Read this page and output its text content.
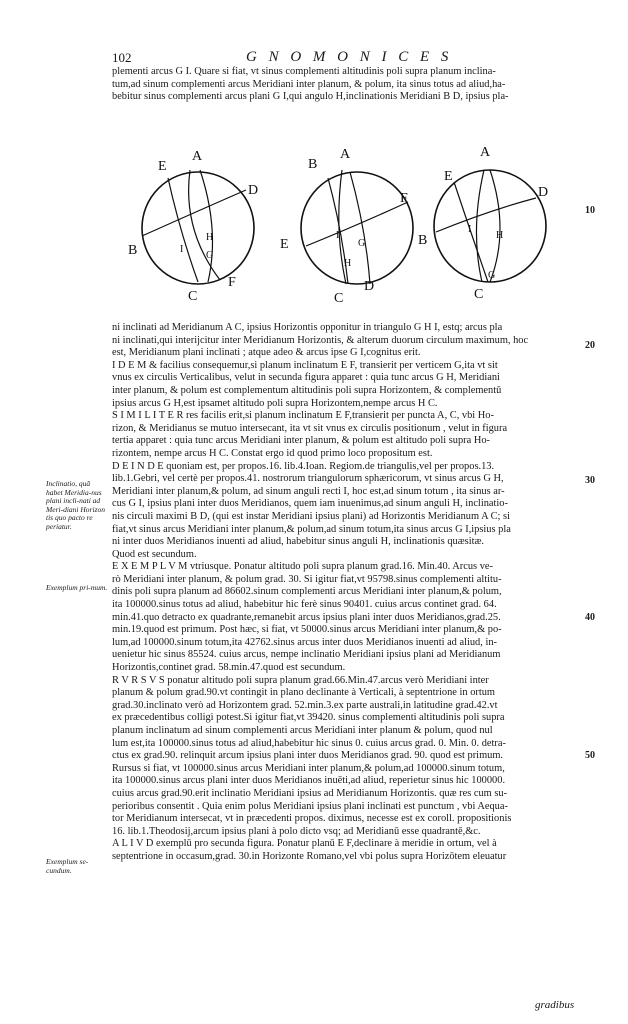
102	G N O M O N I C E S

plementi arcus G I. Quare si fiat, vt sinus complementi altitudinis poli supra planum inclina-

tum,ad sinum complementi arcus Meridiani inter planum, & polum, ita sinus totus ad aliud,ha-

bebitur sinus complementi arcus plani G I,qui angulo H,inclinationis Meridiani B D, ipsius pla-

E
A
D
B	I
H
G
C
F
B
A
F
E
I
G
H
C
D
A
E
D
B
I
H
C
G

ni inclinati ad Meridianum A C, ipsius Horizontis opponitur in triangulo G H I, estq; arcus pla

ni inclinati,qui interijcitur inter Meridianum Horizontis, & alterum duorum circulum maximum, hoc

est, Meridianum plani inclinati ; atque adeo & arcus ipse G I,cognitus erit.

I D E M & facilius consequemur,si planum inclinatum E F, transierit per verticem G,ita vt sit

vnus ex circulis Verticalibus, velut in secunda figura apparet : quia tunc arcus G H, Meridiani

inter planum, & polum est complementum altitudinis poli supra Horizontem, & complementū

ipsius arcus G H,est ipsamet altitudo poli supra Horizontem,nempe arcus H C.

S I M I L I T E R res facilis erit,si planum inclinatum E F,transierit per puncta A, C, vbi Ho-

rizon, & Meridianus se mutuo intersecant, ita vt sit vnus ex circulis positionum , velut in figura

tertia apparet : quia tunc arcus Meridiani inter planum, & polum est altitudo poli supra Ho-

rizontem, nempe arcus H C. Constat ergo id quod primo loco propositum est.

D E I N D E quoniam est, per propos.16. lib.4.Ioan. Regiom.de triangulis,vel per propos.13.

lib.1.Gebri, vel certè per propos.41. nostrorum triangulorum sphæricorum, vt sinus arcus G H,

Meridiani inter planum,& polum, ad sinum anguli recti I, hoc est,ad sinum totum , ita sinus ar-

cus G I, ipsius plani inter duos Meridianos, quem iam inuenimus,ad sinum anguli H, inclinatio-

nis circuli maximi B D, (qui est instar Meridiani ipsius plani) ad Horizontis Meridianum A C; si

fiat,vt sinus arcus Meridiani inter planum,& polum,ad sinum totum,ita sinus arcus G I,ipsius pla

ni inter duos Meridianos inuenti ad aliud, habebitur sinus anguli H, inclinationis quæsitæ.

Quod est secundum.

E X E M P L V M vtriusque. Ponatur altitudo poli supra planum grad.16. Min.40. Arcus ve-

rò Meridiani inter planum, & polum grad. 30. Si igitur fiat,vt 95798.sinus complementi altitu-

dinis poli supra planum ad 86602.sinum complementi arcus Meridiani inter planum,& polum,

ita 100000.sinus totus ad aliud, habebitur hic ferè sinus 90401. cuius arcus continet grad. 64.

min.41.quo detracto ex quadrante,remanebit arcus ipsius plani inter duos Meridianos,grad.25.

min.19.quod est primum. Post hæc, si fiat, vt 50000.sinus arcus Meridiani inter planum,& po-

lum,ad 100000.sinum totum,ita 42762.sinus arcus inter duos Meridianos inuenti ad aliud, in-

uenietur hic sinus 85524. cuius arcus, nempe inclinatio Meridiani ipsius plani ad Meridianum

Horizontis,continet grad. 58.min.47.quod est secundum.

R V R S V S ponatur altitudo poli supra planum grad.66.Min.47.arcus verò Meridiani inter

planum & polum grad.90.vt contingit in plano declinante à Verticali, à septentrione in ortum

grad.30.inclinato verò ad Horizontem grad. 52.min.3.ex parte australi,in latitudine grad.42.vt

ex præcedentibus colligi potest.Si igitur fiat,vt 39420. sinus complementi altitudinis poli supra

planum inclinatum ad sinum complementi arcus Meridiani inter planum & polum, quod nul

lum est,ita 100000.sinus totus ad aliud,habebitur hic sinus 0. cuius arcus grad. 0. Min. 0. detra-

ctus ex grad.90. relinquit arcum ipsius plani inter duos Meridianos grad. 90. quod est primum.

Rursus si fiat, vt 100000.sinus arcus Meridiani inter planum,& polum,ad 100000.sinum totum,

ita 100000.sinus arcus plani inter duos Meridianos inuēti,ad aliud, reperietur sinus hic 100000.

cuius arcus grad.90.erit inclinatio Meridiani ipsius ad Meridianum Horizontis. quæ res cum su-

perioribus consentit . Quia enim polus Meridiani ipsius plani inclinati est punctum , vbi Aequa-

tor Meridianum intersecat, vt in præcedenti propos. diximus, necesse est ex coroll. propositionis

16. lib.1.Theodosij,arcum ipsius plani à polo dicto vsq; ad Meridianū esse quadrantē,&c.

A L I V D exemplū pro secunda figura. Ponatur planū E F,declinare à meridie in ortum, vel à

septentrione in occasum,grad. 30.in Horizonte Romano,vel vbi polus supra Horizōtem eleuatur

Inclinatio, quā habet Meridia-nus plani incli-nati ad Meri-diani Horizon tis quo pacto re periatur.
Exemplum pri-mum.
Exemplum se-cundum.
10
20
30
40
50
gradibus
